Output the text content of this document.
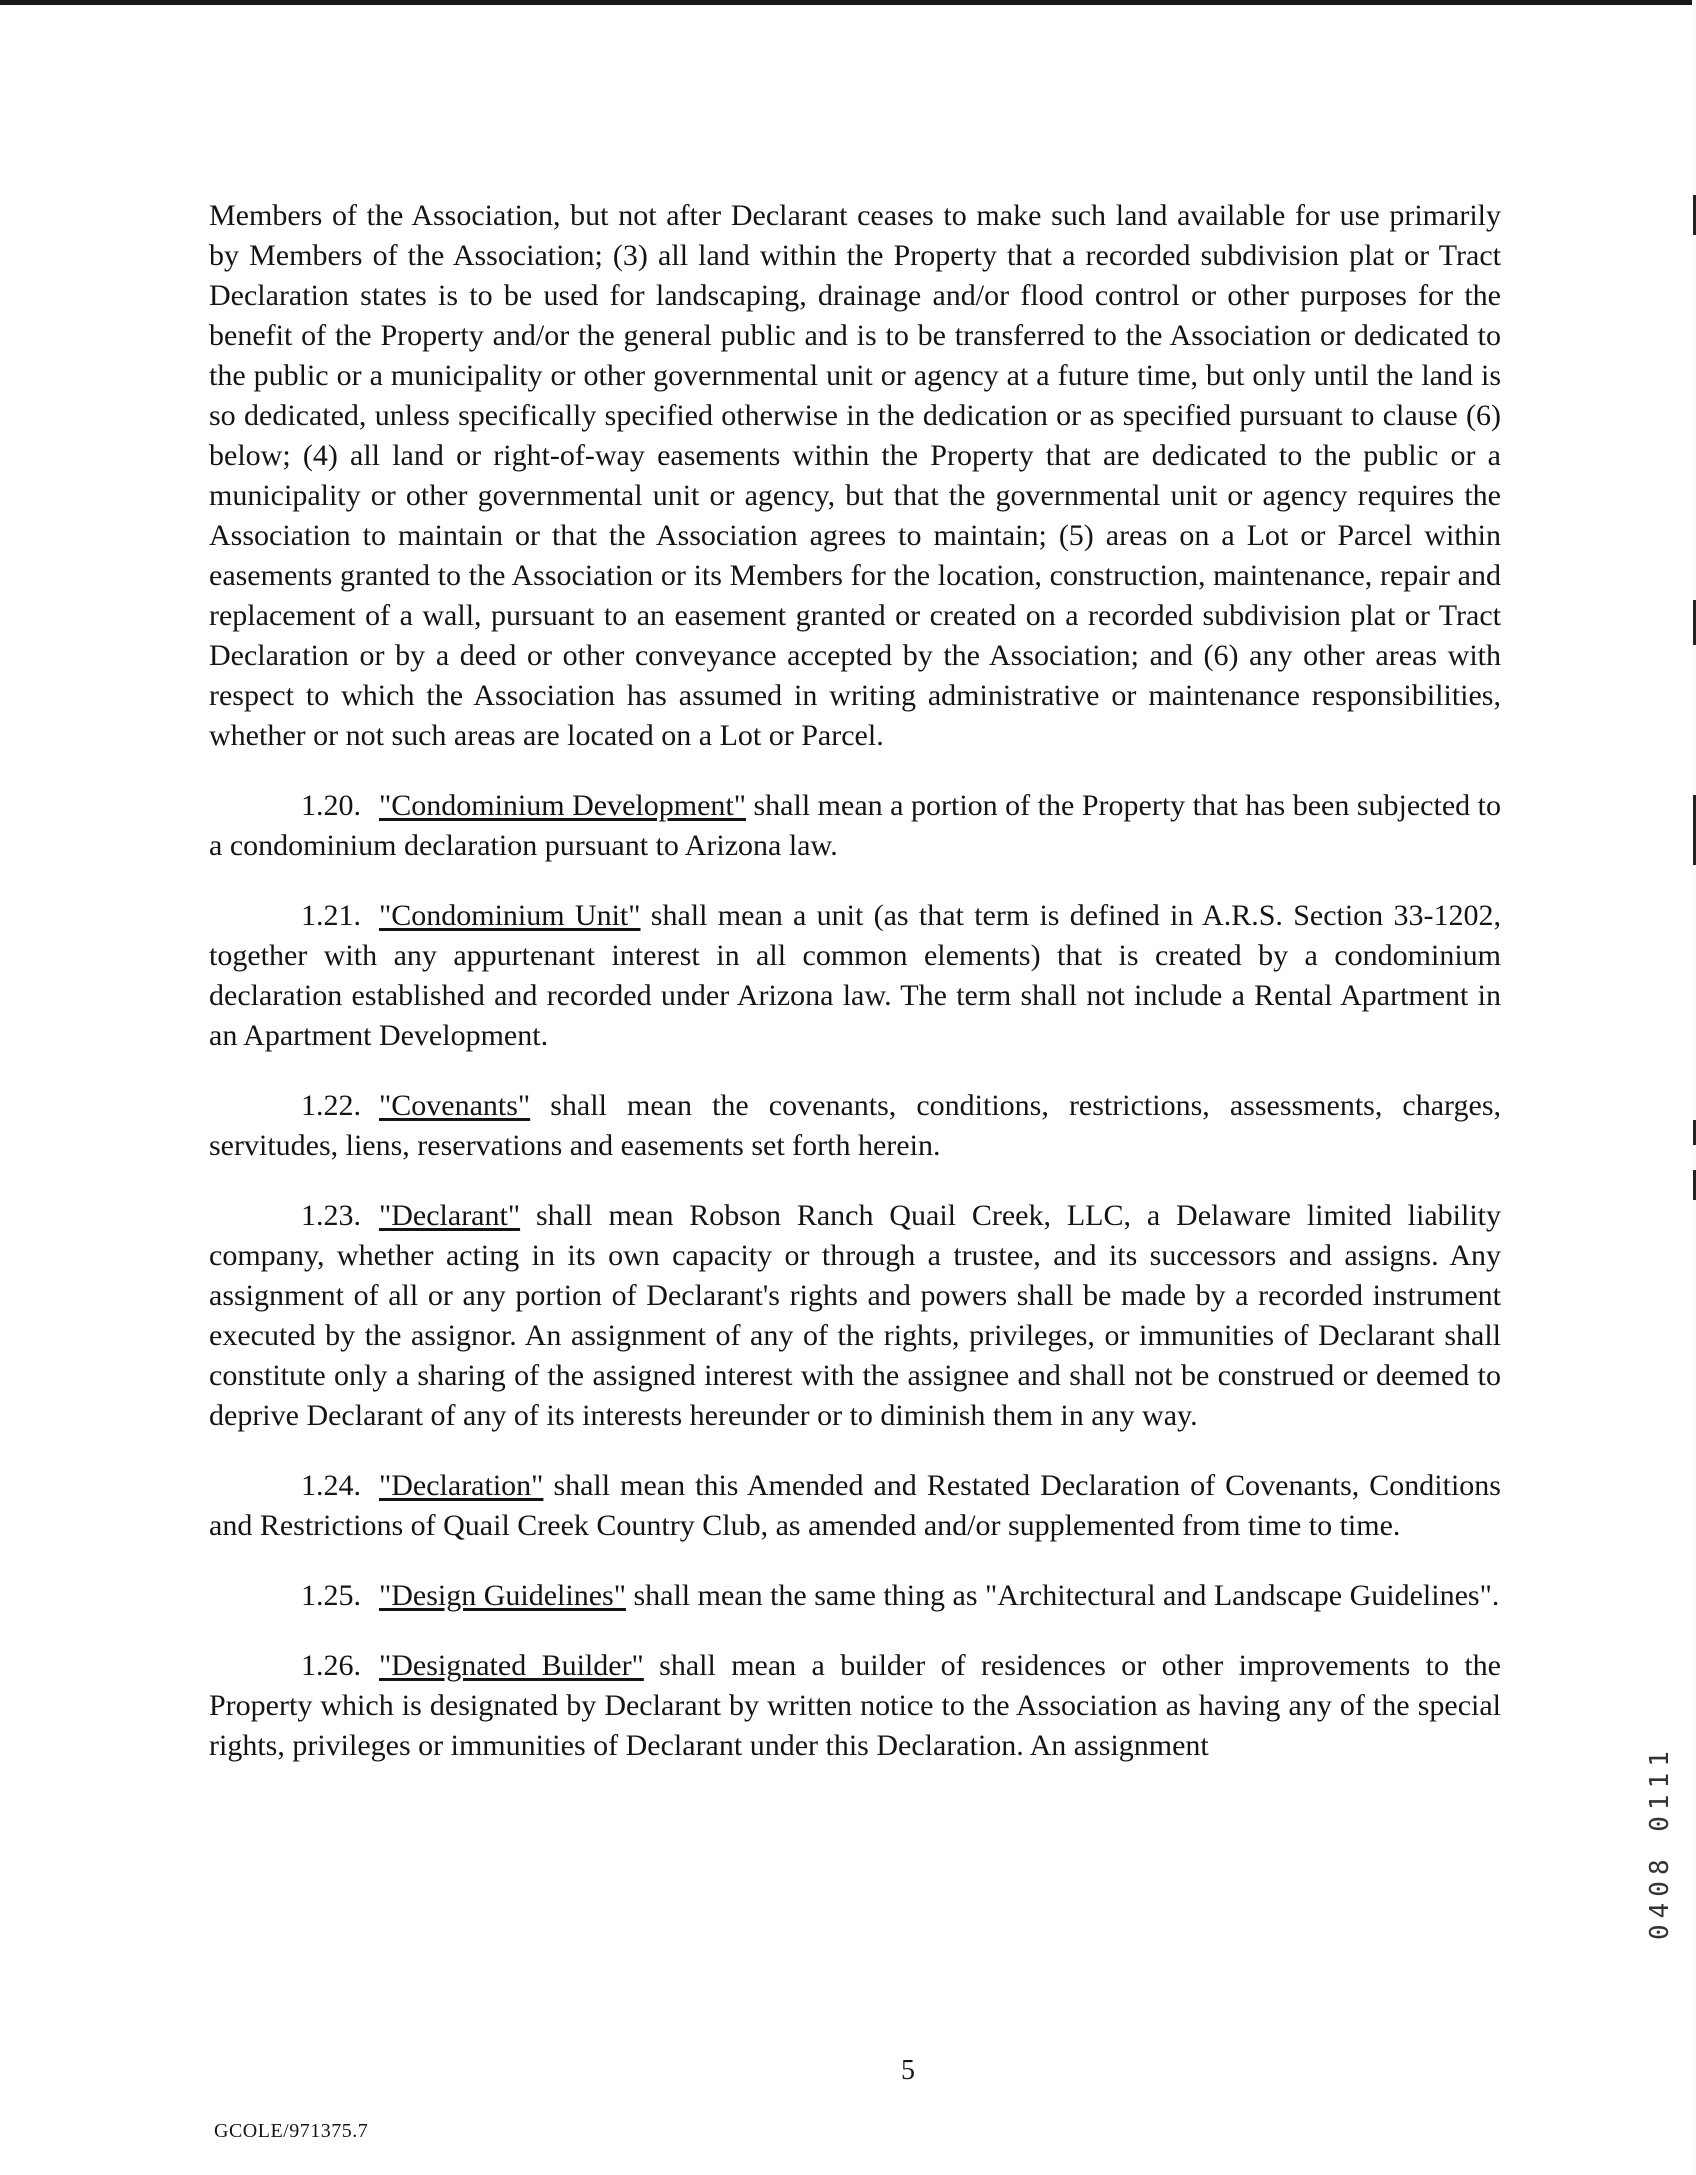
Members of the Association, but not after Declarant ceases to make such land available for use primarily by Members of the Association; (3) all land within the Property that a recorded subdivision plat or Tract Declaration states is to be used for landscaping, drainage and/or flood control or other purposes for the benefit of the Property and/or the general public and is to be transferred to the Association or dedicated to the public or a municipality or other governmental unit or agency at a future time, but only until the land is so dedicated, unless specifically specified otherwise in the dedication or as specified pursuant to clause (6) below; (4) all land or right-of-way easements within the Property that are dedicated to the public or a municipality or other governmental unit or agency, but that the governmental unit or agency requires the Association to maintain or that the Association agrees to maintain; (5) areas on a Lot or Parcel within easements granted to the Association or its Members for the location, construction, maintenance, repair and replacement of a wall, pursuant to an easement granted or created on a recorded subdivision plat or Tract Declaration or by a deed or other conveyance accepted by the Association; and (6) any other areas with respect to which the Association has assumed in writing administrative or maintenance responsibilities, whether or not such areas are located on a Lot or Parcel.

1.20. "Condominium Development" shall mean a portion of the Property that has been subjected to a condominium declaration pursuant to Arizona law.

1.21. "Condominium Unit" shall mean a unit (as that term is defined in A.R.S. Section 33-1202, together with any appurtenant interest in all common elements) that is created by a condominium declaration established and recorded under Arizona law. The term shall not include a Rental Apartment in an Apartment Development.

1.22. "Covenants" shall mean the covenants, conditions, restrictions, assessments, charges, servitudes, liens, reservations and easements set forth herein.

1.23. "Declarant" shall mean Robson Ranch Quail Creek, LLC, a Delaware limited liability company, whether acting in its own capacity or through a trustee, and its successors and assigns. Any assignment of all or any portion of Declarant's rights and powers shall be made by a recorded instrument executed by the assignor. An assignment of any of the rights, privileges, or immunities of Declarant shall constitute only a sharing of the assigned interest with the assignee and shall not be construed or deemed to deprive Declarant of any of its interests hereunder or to diminish them in any way.

1.24. "Declaration" shall mean this Amended and Restated Declaration of Covenants, Conditions and Restrictions of Quail Creek Country Club, as amended and/or supplemented from time to time.

1.25. "Design Guidelines" shall mean the same thing as "Architectural and Landscape Guidelines".

1.26. "Designated Builder" shall mean a builder of residences or other improvements to the Property which is designated by Declarant by written notice to the Association as having any of the special rights, privileges or immunities of Declarant under this Declaration. An assignment	0408 0111
5
GCOLE/971375.7
